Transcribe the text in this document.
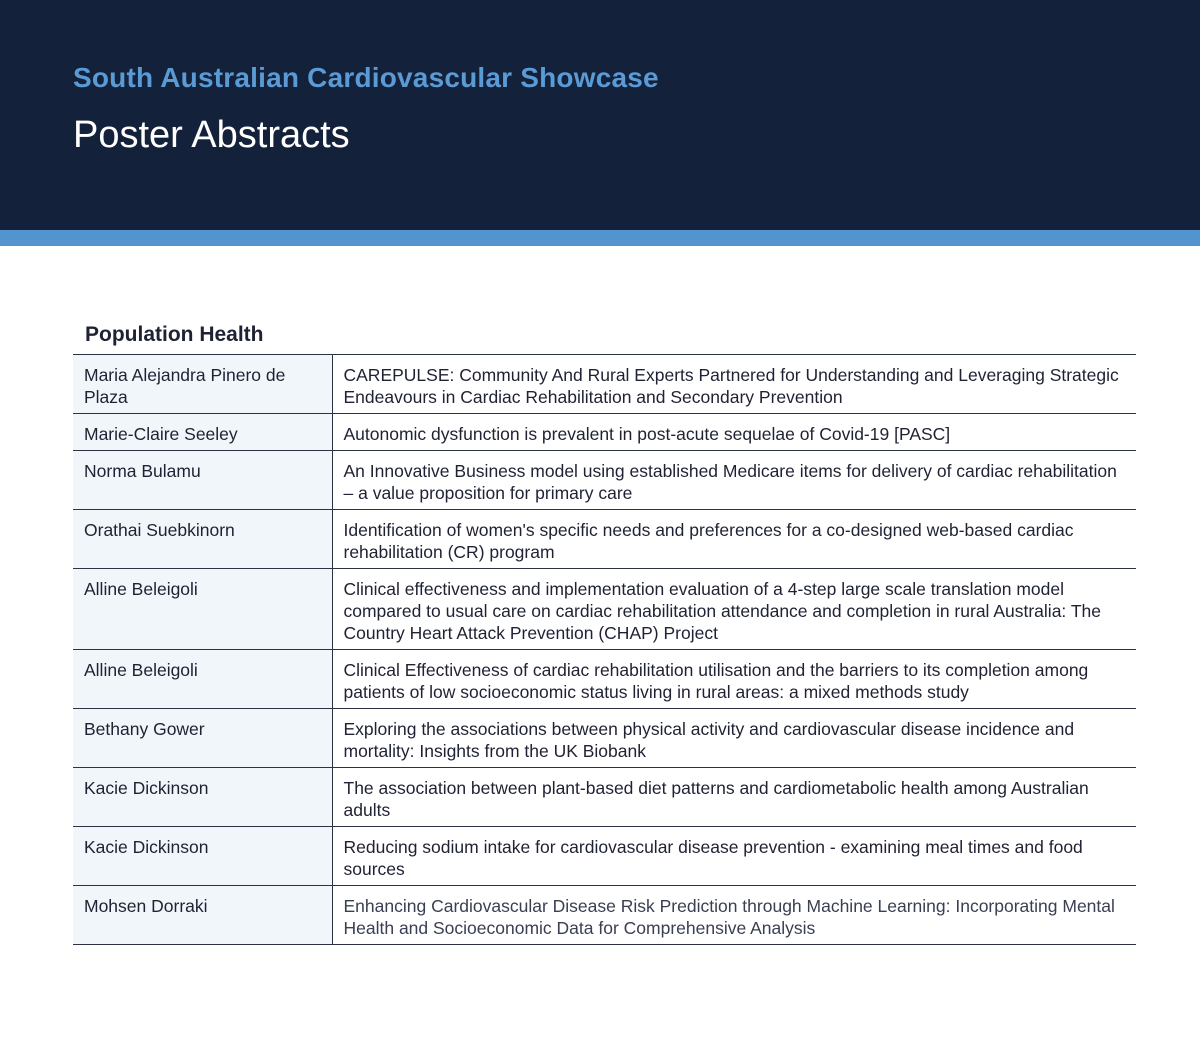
South Australian Cardiovascular Showcase
Poster Abstracts
Population Health
Maria Alejandra Pinero de Plaza	CAREPULSE: Community And Rural Experts Partnered for Understanding and Leveraging Strategic Endeavours in Cardiac Rehabilitation and Secondary Prevention
Marie-Claire Seeley	Autonomic dysfunction is prevalent in post-acute sequelae of Covid-19 [PASC]
Norma Bulamu	An Innovative Business model using established Medicare items for delivery of cardiac rehabilitation – a value proposition for primary care
Orathai Suebkinorn	Identification of women's specific needs and preferences for a co-designed web-based cardiac rehabilitation (CR) program
Alline Beleigoli	Clinical effectiveness and implementation evaluation of a 4-step large scale translation model compared to usual care on cardiac rehabilitation attendance and completion in rural Australia: The Country Heart Attack Prevention (CHAP) Project
Alline Beleigoli	Clinical Effectiveness of cardiac rehabilitation utilisation and the barriers to its completion among patients of low socioeconomic status living in rural areas: a mixed methods study
Bethany Gower	Exploring the associations between physical activity and cardiovascular disease incidence and mortality: Insights from the UK Biobank
Kacie Dickinson	The association between plant-based diet patterns and cardiometabolic health among Australian adults
Kacie Dickinson	Reducing sodium intake for cardiovascular disease prevention - examining meal times and food sources
Mohsen Dorraki	Enhancing Cardiovascular Disease Risk Prediction through Machine Learning: Incorporating Mental Health and Socioeconomic Data for Comprehensive Analysis
